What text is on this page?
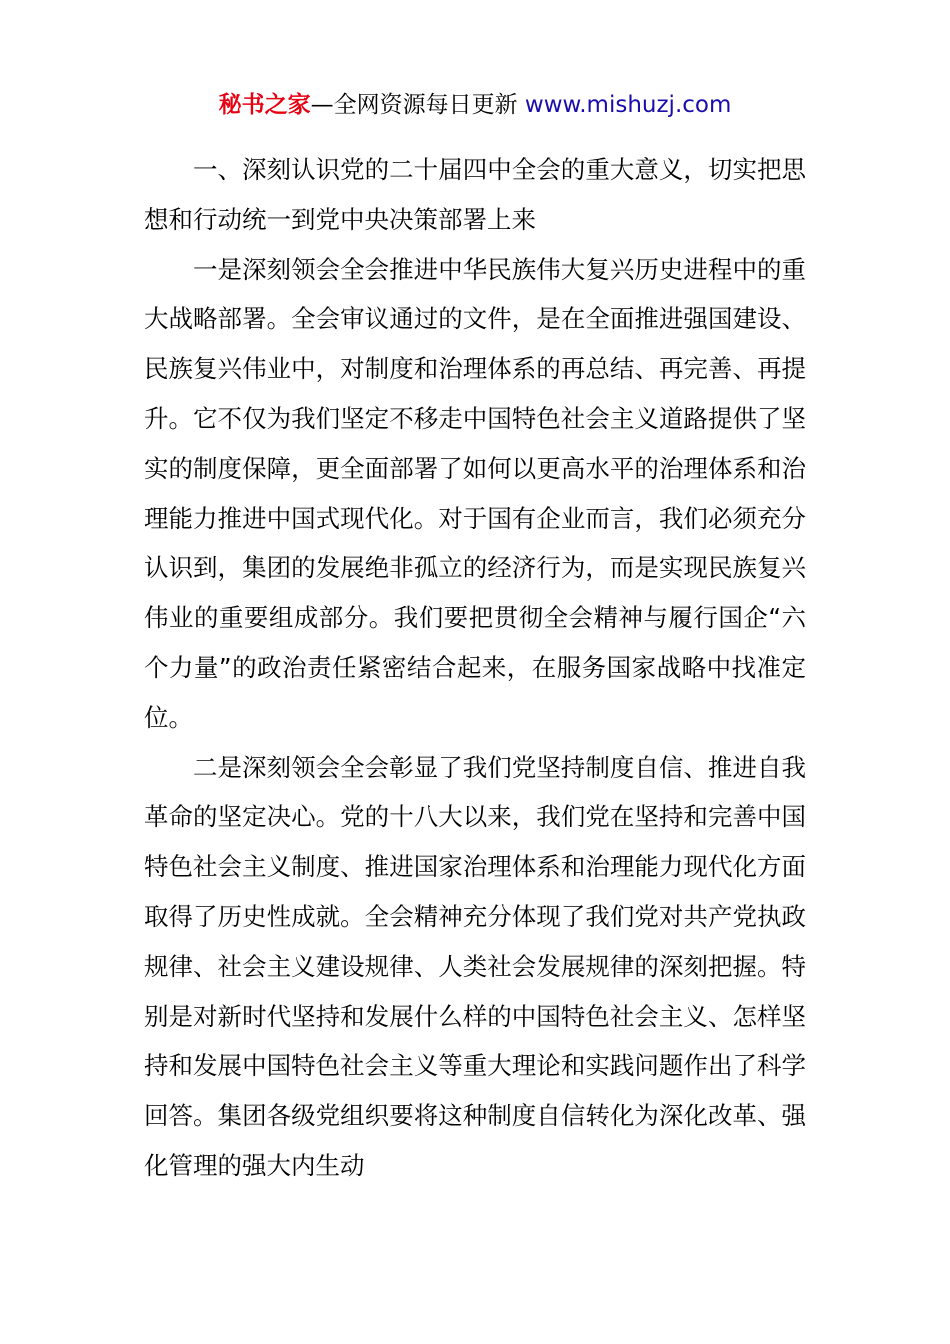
秘书之家—全网资源每日更新 www.mishuzj.com

一、深刻认识党的二十届四中全会的重大意义，切实把思想和行动统一到党中央决策部署上来

一是深刻领会全会推进中华民族伟大复兴历史进程中的重大战略部署。全会审议通过的文件，是在全面推进强国建设、民族复兴伟业中，对制度和治理体系的再总结、再完善、再提升。它不仅为我们坚定不移走中国特色社会主义道路提供了坚实的制度保障，更全面部署了如何以更高水平的治理体系和治理能力推进中国式现代化。对于国有企业而言，我们必须充分认识到，集团的发展绝非孤立的经济行为，而是实现民族复兴伟业的重要组成部分。我们要把贯彻全会精神与履行国企“六个力量”的政治责任紧密结合起来，在服务国家战略中找准定位。

二是深刻领会全会彰显了我们党坚持制度自信、推进自我革命的坚定决心。党的十八大以来，我们党在坚持和完善中国特色社会主义制度、推进国家治理体系和治理能力现代化方面取得了历史性成就。全会精神充分体现了我们党对共产党执政规律、社会主义建设规律、人类社会发展规律的深刻把握。特别是对新时代坚持和发展什么样的中国特色社会主义、怎样坚持和发展中国特色社会主义等重大理论和实践问题作出了科学回答。集团各级党组织要将这种制度自信转化为深化改革、强化管理的强大内生动
